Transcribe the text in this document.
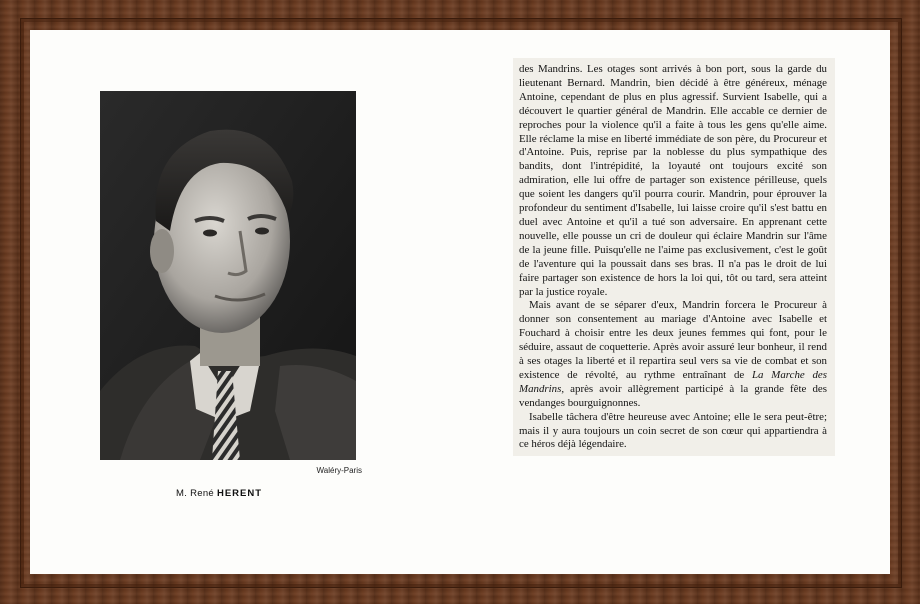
Waléry-Paris
M. René HERENT

des Mandrins. Les otages sont arrivés à bon port, sous la garde du lieutenant Bernard. Mandrin, bien décidé à être généreux, ménage Antoine, cependant de plus en plus agressif. Survient Isabelle, qui a découvert le quartier général de Mandrin. Elle accable ce dernier de reproches pour la violence qu'il a faite à tous les gens qu'elle aime. Elle réclame la mise en liberté immédiate de son père, du Procureur et d'Antoine. Puis, reprise par la noblesse du plus sympathique des bandits, dont l'intrépidité, la loyauté ont toujours excité son admiration, elle lui offre de partager son existence périlleuse, quels que soient les dangers qu'il pourra courir. Mandrin, pour éprouver la profondeur du sentiment d'Isabelle, lui laisse croire qu'il s'est battu en duel avec Antoine et qu'il a tué son adversaire. En apprenant cette nouvelle, elle pousse un cri de douleur qui éclaire Mandrin sur l'âme de la jeune fille. Puisqu'elle ne l'aime pas exclusivement, c'est le goût de l'aventure qui la poussait dans ses bras. Il n'a pas le droit de lui faire partager son existence de hors la loi qui, tôt ou tard, sera atteint par la justice royale.

Mais avant de se séparer d'eux, Mandrin forcera le Procureur à donner son consentement au mariage d'Antoine avec Isabelle et Fouchard à choisir entre les deux jeunes femmes qui font, pour le séduire, assaut de coquetterie. Après avoir assuré leur bonheur, il rend à ses otages la liberté et il repartira seul vers sa vie de combat et son existence de révolté, au rythme entraînant de La Marche des Mandrins, après avoir allègrement participé à la grande fête des vendanges bourguignonnes.

Isabelle tâchera d'être heureuse avec Antoine; elle le sera peut-être; mais il y aura toujours un coin secret de son cœur qui appartiendra à ce héros déjà légendaire.
